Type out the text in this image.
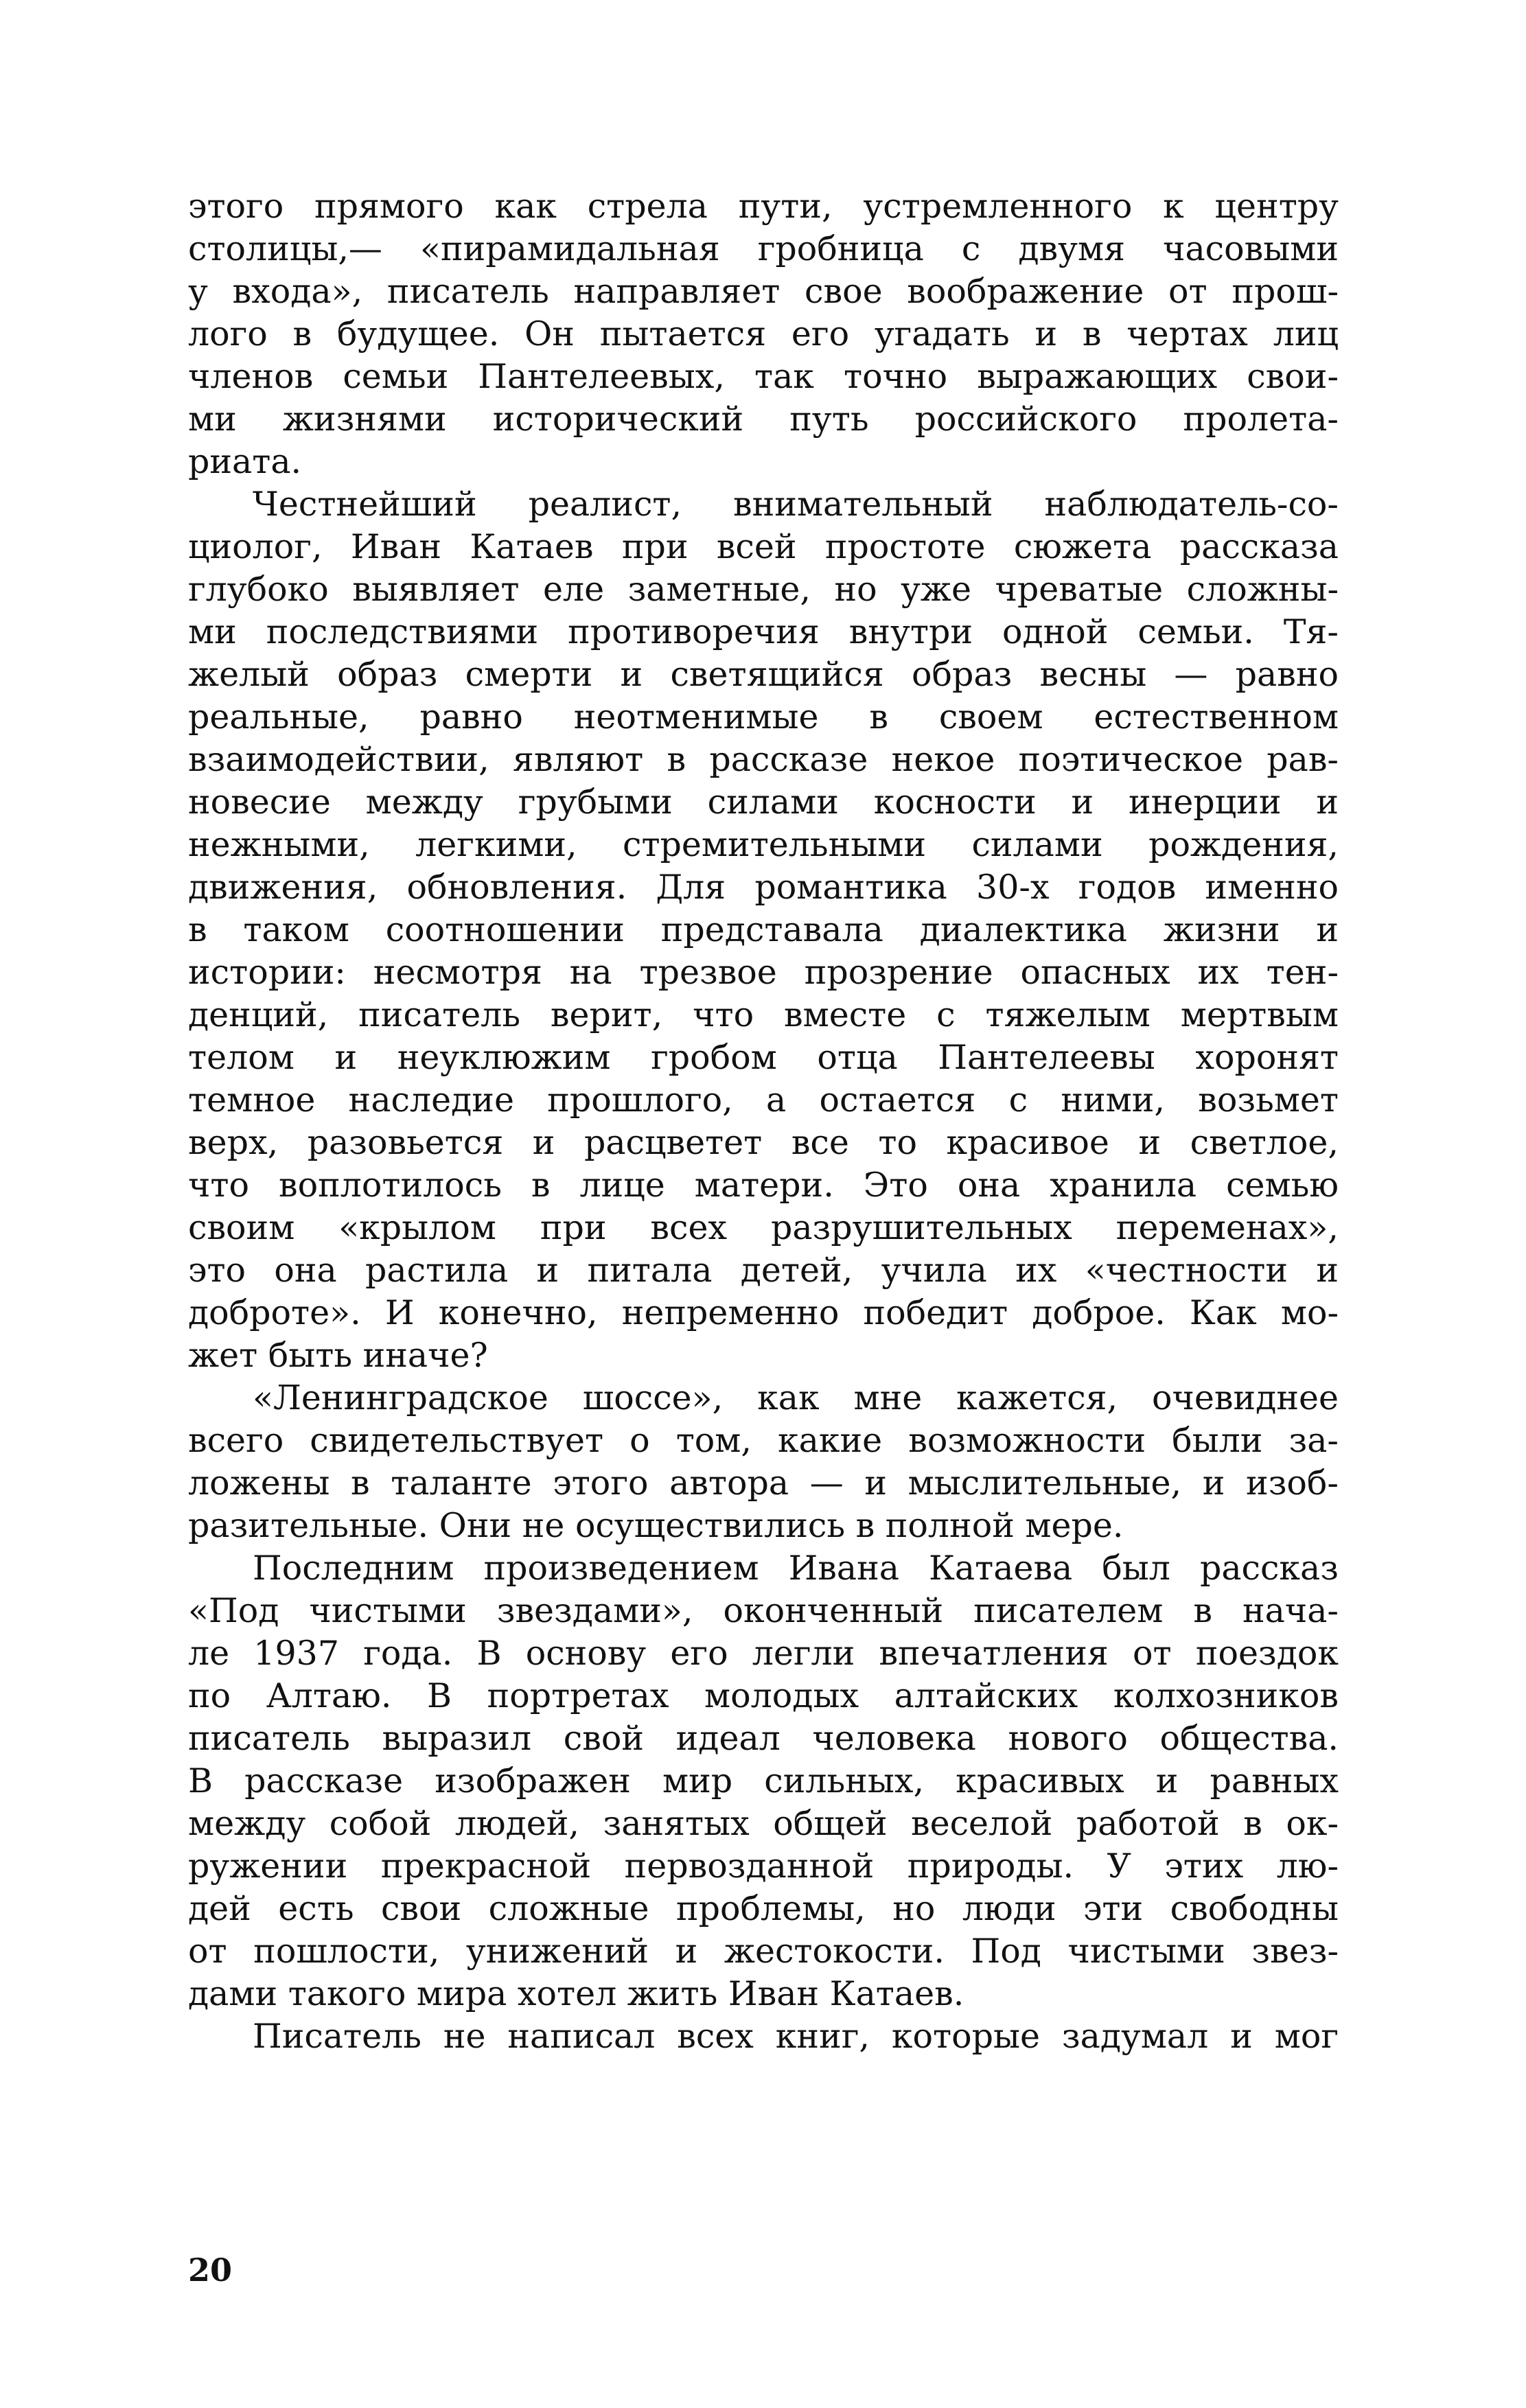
этого прямого как стрела пути, устремленного к центру
столицы,— «пирамидальная гробница с двумя часовыми
у входа», писатель направляет свое воображение от прош-
лого в будущее. Он пытается его угадать и в чертах лиц
членов семьи Пантелеевых, так точно выражающих свои-
ми жизнями исторический путь российского пролета-
риата.
Честнейший реалист, внимательный наблюдатель-со-
циолог, Иван Катаев при всей простоте сюжета рассказа
глубоко выявляет еле заметные, но уже чреватые сложны-
ми последствиями противоречия внутри одной семьи. Тя-
желый образ смерти и светящийся образ весны — равно
реальные, равно неотменимые в своем естественном
взаимодействии, являют в рассказе некое поэтическое рав-
новесие между грубыми силами косности и инерции и
нежными, легкими, стремительными силами рождения,
движения, обновления. Для романтика 30-х годов именно
в таком соотношении представала диалектика жизни и
истории: несмотря на трезвое прозрение опасных их тен-
денций, писатель верит, что вместе с тяжелым мертвым
телом и неуклюжим гробом отца Пантелеевы хоронят
темное наследие прошлого, а остается с ними, возьмет
верх, разовьется и расцветет все то красивое и светлое,
что воплотилось в лице матери. Это она хранила семью
своим «крылом при всех разрушительных переменах»,
это она растила и питала детей, учила их «честности и
доброте». И конечно, непременно победит доброе. Как мо-
жет быть иначе?
«Ленинградское шоссе», как мне кажется, очевиднее
всего свидетельствует о том, какие возможности были за-
ложены в таланте этого автора — и мыслительные, и изоб-
разительные. Они не осуществились в полной мере.
Последним произведением Ивана Катаева был рассказ
«Под чистыми звездами», оконченный писателем в нача-
ле 1937 года. В основу его легли впечатления от поездок
по Алтаю. В портретах молодых алтайских колхозников
писатель выразил свой идеал человека нового общества.
В рассказе изображен мир сильных, красивых и равных
между собой людей, занятых общей веселой работой в ок-
ружении прекрасной первозданной природы. У этих лю-
дей есть свои сложные проблемы, но люди эти свободны
от пошлости, унижений и жестокости. Под чистыми звез-
дами такого мира хотел жить Иван Катаев.
Писатель не написал всех книг, которые задумал и мог
20
